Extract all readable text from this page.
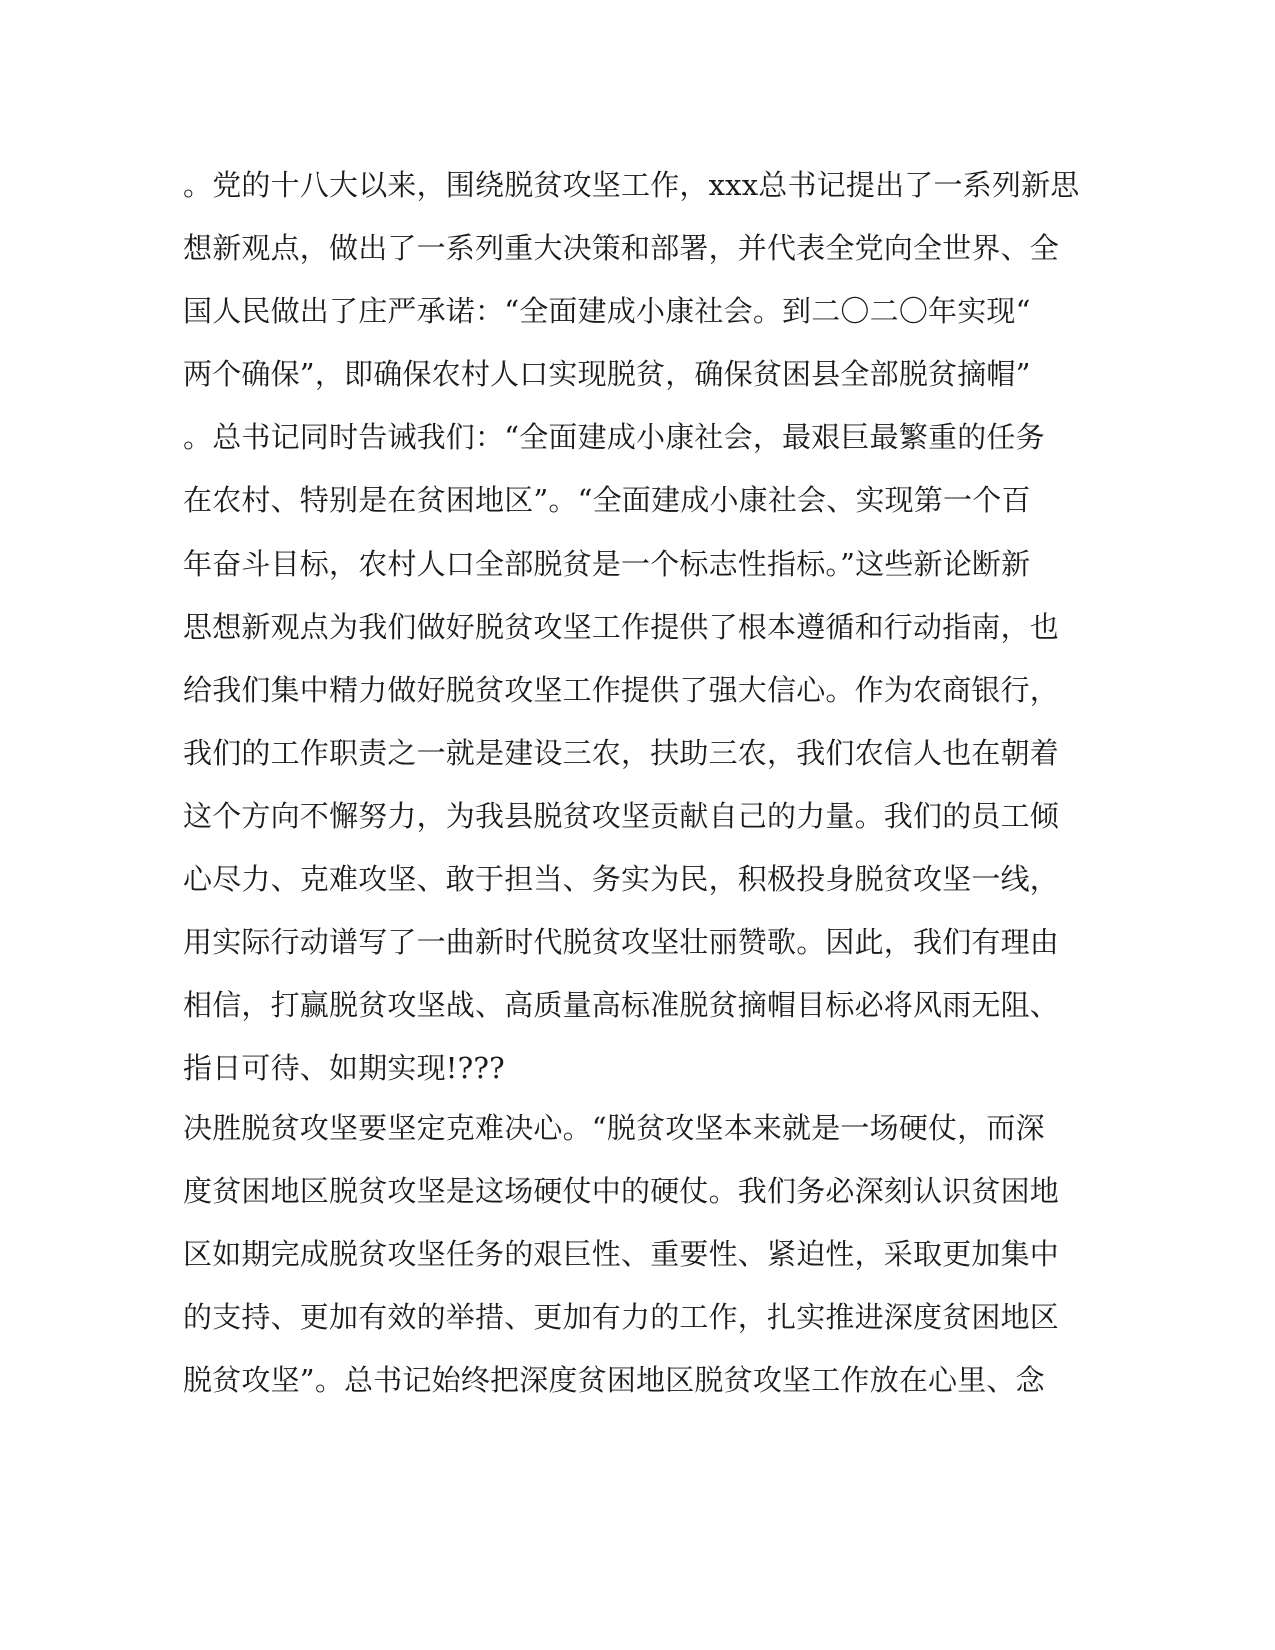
。党的十八大以来，围绕脱贫攻坚工作，xxx总书记提出了一系列新思
想新观点，做出了一系列重大决策和部署，并代表全党向全世界、全
国人民做出了庄严承诺：“全面建成小康社会。到二〇二〇年实现“
两个确保”，即确保农村人口实现脱贫，确保贫困县全部脱贫摘帽”
。总书记同时告诫我们：“全面建成小康社会，最艰巨最繁重的任务
在农村、特别是在贫困地区”。“全面建成小康社会、实现第一个百
年奋斗目标，农村人口全部脱贫是一个标志性指标。”这些新论断新
思想新观点为我们做好脱贫攻坚工作提供了根本遵循和行动指南，也
给我们集中精力做好脱贫攻坚工作提供了强大信心。作为农商银行，
我们的工作职责之一就是建设三农，扶助三农，我们农信人也在朝着
这个方向不懈努力，为我县脱贫攻坚贡献自己的力量。我们的员工倾
心尽力、克难攻坚、敢于担当、务实为民，积极投身脱贫攻坚一线，
用实际行动谱写了一曲新时代脱贫攻坚壮丽赞歌。因此，我们有理由
相信，打赢脱贫攻坚战、高质量高标准脱贫摘帽目标必将风雨无阻、
指日可待、如期实现!???
决胜脱贫攻坚要坚定克难决心。“脱贫攻坚本来就是一场硬仗，而深
度贫困地区脱贫攻坚是这场硬仗中的硬仗。我们务必深刻认识贫困地
区如期完成脱贫攻坚任务的艰巨性、重要性、紧迫性，采取更加集中
的支持、更加有效的举措、更加有力的工作，扎实推进深度贫困地区
脱贫攻坚”。总书记始终把深度贫困地区脱贫攻坚工作放在心里、念
